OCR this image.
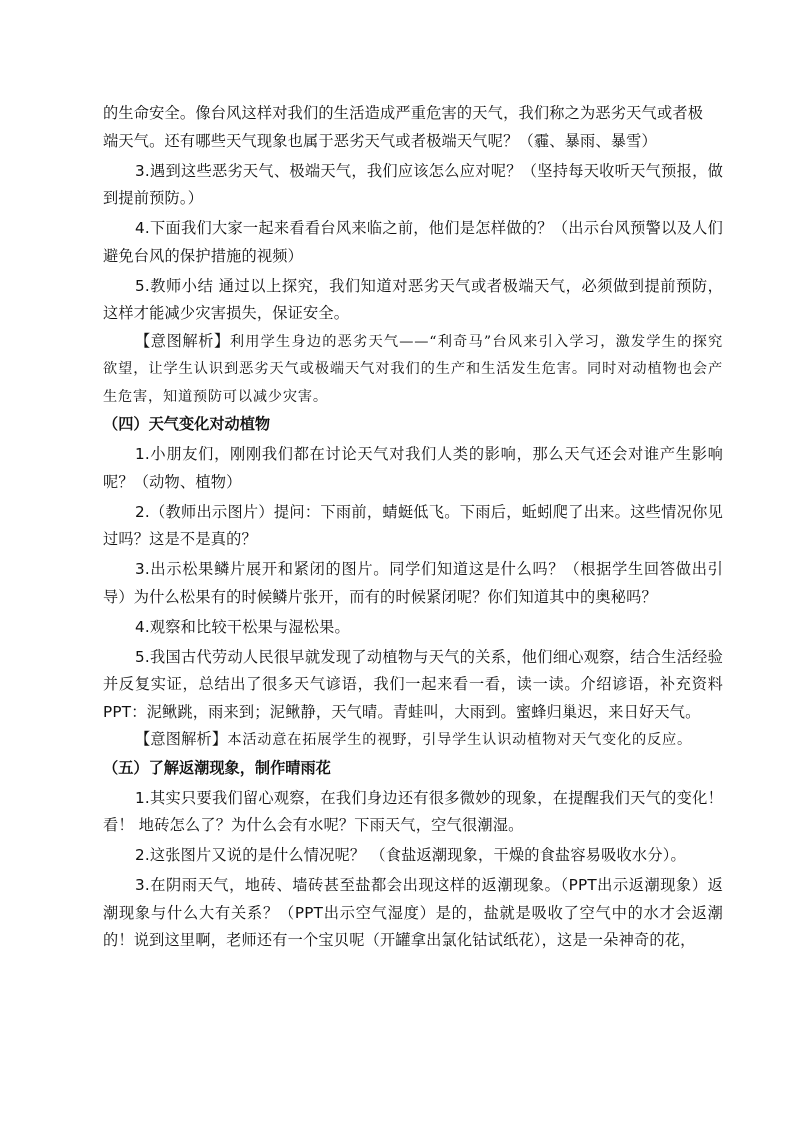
的生命安全。像台风这样对我们的生活造成严重危害的天气，我们称之为恶劣天气或者极
端天气。还有哪些天气现象也属于恶劣天气或者极端天气呢？（霾、暴雨、暴雪）

3.遇到这些恶劣天气、极端天气，我们应该怎么应对呢？（坚持每天收听天气预报，做到提前预防。）

4.下面我们大家一起来看看台风来临之前，他们是怎样做的？（出示台风预警以及人们避免台风的保护措施的视频）

5.教师小结 通过以上探究，我们知道对恶劣天气或者极端天气，必须做到提前预防，这样才能减少灾害损失，保证安全。

【意图解析】利用学生身边的恶劣天气——“利奇马”台风来引入学习，激发学生的探究欲望，让学生认识到恶劣天气或极端天气对我们的生产和生活发生危害。同时对动植物也会产生危害，知道预防可以减少灾害。

（四）天气变化对动植物

1.小朋友们，刚刚我们都在讨论天气对我们人类的影响，那么天气还会对谁产生影响呢？（动物、植物）

2.（教师出示图片）提问：下雨前，蜻蜓低飞。下雨后，蚯蚓爬了出来。这些情况你见过吗？这是不是真的？

3.出示松果鳞片展开和紧闭的图片。同学们知道这是什么吗？（根据学生回答做出引导）为什么松果有的时候鳞片张开，而有的时候紧闭呢？你们知道其中的奥秘吗？

4.观察和比较干松果与湿松果。

5.我国古代劳动人民很早就发现了动植物与天气的关系，他们细心观察，结合生活经验并反复实证，总结出了很多天气谚语，我们一起来看一看，读一读。介绍谚语，补充资料PPT：泥鳅跳，雨来到；泥鳅静，天气晴。青蛙叫，大雨到。蜜蜂归巢迟，来日好天气。

【意图解析】本活动意在拓展学生的视野，引导学生认识动植物对天气变化的反应。

（五）了解返潮现象，制作晴雨花

1.其实只要我们留心观察，在我们身边还有很多微妙的现象，在提醒我们天气的变化！看！ 地砖怎么了？为什么会有水呢？下雨天气，空气很潮湿。

2.这张图片又说的是什么情况呢？ （食盐返潮现象，干燥的食盐容易吸收水分）。

3.在阴雨天气，地砖、墙砖甚至盐都会出现这样的返潮现象。（PPT出示返潮现象）返潮现象与什么大有关系？（PPT出示空气湿度）是的，盐就是吸收了空气中的水才会返潮的！说到这里啊，老师还有一个宝贝呢（开罐拿出氯化钴试纸花），这是一朵神奇的花，
